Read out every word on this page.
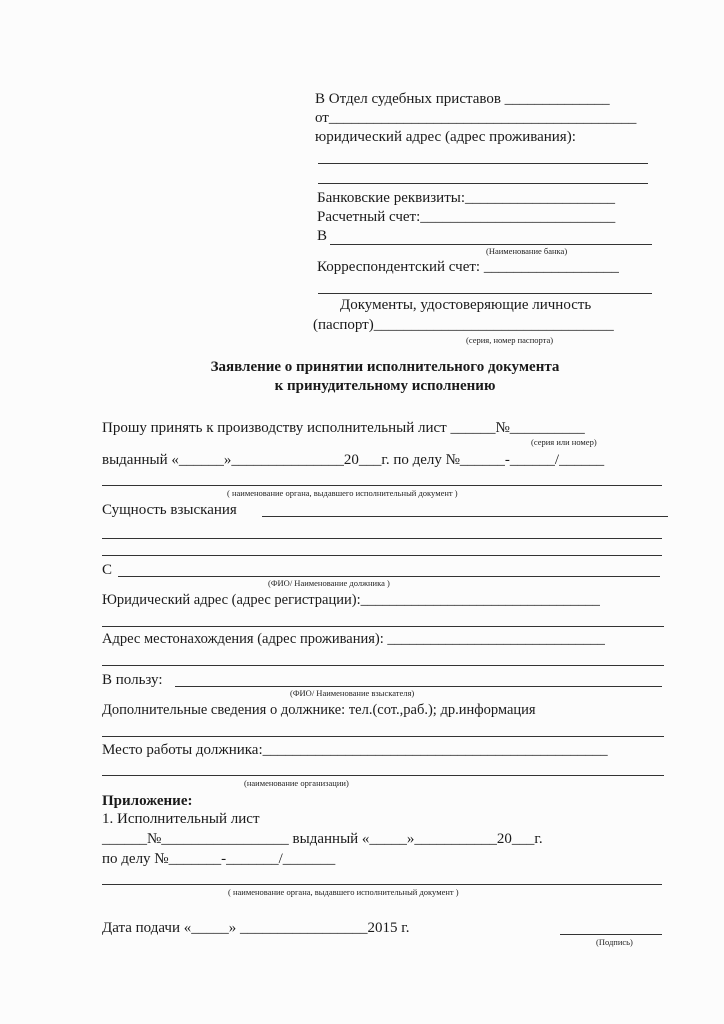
В Отдел судебных приставов ______________
от_________________________________________
юридический адрес (адрес проживания):
Банковские реквизиты:____________________
Расчетный счет:__________________________
В
(Наименование банка)
Корреспондентский счет: __________________
Документы, удостоверяющие личность
(паспорт)________________________________
(серия, номер паспорта)
Заявление о принятии исполнительного документа
к принудительному исполнению
Прошу принять к производству исполнительный лист ______№__________
(серия или номер)
выданный «______»_______________20___г. по делу №______-______/______
( наименование органа, выдавшего исполнительный документ )
Сущность взыскания
С
(ФИО/ Наименование должника )
Юридический адрес (адрес регистрации):_________________________________
Адрес местонахождения (адрес проживания): ______________________________
В пользу:
(ФИО/ Наименование взыскателя)
Дополнительные сведения о должнике: тел.(сот.,раб.); др.информация
Место работы должника:______________________________________________
(наименование организации)
Приложение:
1. Исполнительный лист
______№_________________ выданный «_____»___________20___г.
по делу №_______-_______/_______
( наименование органа, выдавшего исполнительный документ )
Дата подачи «_____» _________________2015 г.
(Подпись)
